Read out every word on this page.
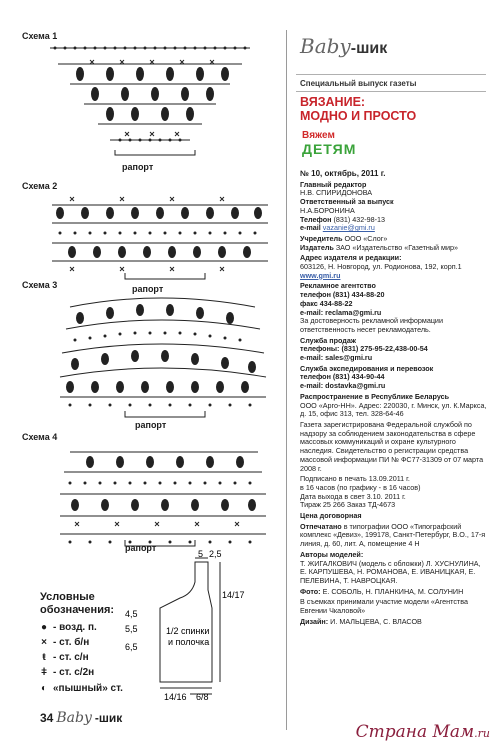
Схема 1
Схема 2
Схема 3
Схема 4
рапорт
рапорт
рапорт
рапорт
5 2,5
14/17
4,5
5,5
6,5
14/16 6/8
1/2 спинки
и полочка
Условные
обозначения:
● - возд. п.
× - ст. б/н
ŧ - ст. с/н
ǂ - ст. с/2н
◐ «пышный» ст.
34 Baby -шик
Baby -шик
Специальный выпуск газеты
ВЯЗАНИЕ:
МОДНО И ПРОСТО
Вяжем
ДЕТЯМ
№ 10, октябрь, 2011 г.
Главный редактор
Н.В. СПИРИДОНОВА
Ответственный за выпуск
Н.А.БОРОНИНА
Телефон (831) 432-98-13
e-mail vazanie@gmi.ru
Учредитель ООО «Слог»
Издатель ЗАО «Издательство «Газетный мир»
Адрес издателя и редакции:
603126, Н. Новгород, ул. Родионова, 192, корп.1
www.gmi.ru
Рекламное агентство
телефон (831) 434-88-20
факс 434-88-22
e-mail: reclama@gmi.ru
За достоверность рекламной информации ответственность несет рекламодатель.
Служба продаж
телефоны: (831) 275-95-22,438-00-54
e-mail: sales@gmi.ru
Служба экспедирования и перевозок
телефон (831) 434-90-44
e-mail: dostavka@gmi.ru
Распространение в Республике Беларусь
ООО «Арго-НН». Адрес: 220030, г. Минск, ул. К.Маркса, д. 15, офис 313, тел. 328-64-46
Газета зарегистрирована Федеральной службой по надзору за соблюдением законодательства в сфере массовых коммуникаций и охране культурного наследия. Свидетельство о регистрации средства массовой информации ПИ № ФС77-31309 от 07 марта 2008 г.
Подписано в печать 13.09.2011 г.
в 16 часов (по графику - в 16 часов)
Дата выхода в свет 3.10. 2011 г.
Тираж 25 266 Заказ ТД-4673
Цена договорная
Отпечатано в типографии ООО «Типографский комплекс «Девиз», 199178, Санкт-Петербург, В.О., 17-я линия, д. 60, лит. А, помещение 4 Н
Авторы моделей:
Т. ЖИГАЛКОВИЧ (модель с обложки) Л. ХУСНУЛИНА, Е. КАРПУШЕВА, Н. РОМАНОВА, Е. ИВАНИЦКАЯ, Е. ПЕЛЕВИНА, Т. НАВРОЦКАЯ.
Фото: Е. СОБОЛЬ, Н. ПЛАНКИНА, М. СОЛУНИН
В съемках принимали участие модели «Агентства Евгении Чкаловой»
Дизайн: И. МАЛЬЦЕВА, С. ВЛАСОВ
Страна Мам.ru
